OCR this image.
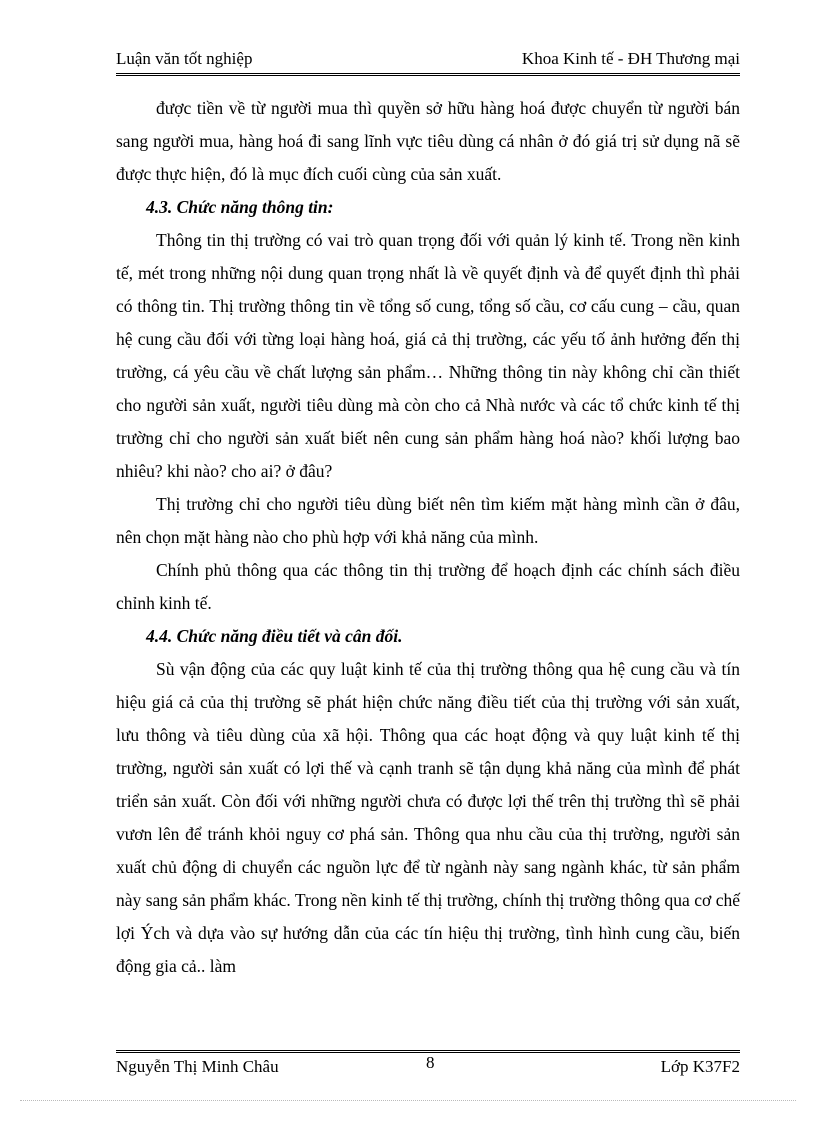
Luận văn tốt nghiệp	Khoa Kinh tế - ĐH Thương mại

được tiền về từ người mua thì quyền sở hữu hàng hoá được chuyển từ người bán sang người mua, hàng hoá đi sang lĩnh vực tiêu dùng cá nhân ở đó giá trị sử dụng nã sẽ được thực hiện, đó là mục đích cuối cùng của sản xuất.

4.3. Chức năng thông tin:

Thông tin thị trường có vai trò quan trọng đối với quản lý kinh tế. Trong nền kinh tế, mét trong những nội dung quan trọng nhất là về quyết định và để quyết định thì phải có thông tin. Thị trường thông tin về tổng số cung, tổng số cầu, cơ cấu cung – cầu, quan hệ cung cầu đối với từng loại hàng hoá, giá cả thị trường, các yếu tố ảnh hưởng đến thị trường, cá yêu cầu về chất lượng sản phẩm… Những thông tin này không chỉ cần thiết cho người sản xuất, người tiêu dùng mà còn cho cả Nhà nước và các tổ chức kinh tế thị trường chỉ cho người sản xuất biết nên cung sản phẩm hàng hoá nào? khối lượng bao nhiêu? khi nào? cho ai? ở đâu?

Thị trường chỉ cho người tiêu dùng biết nên tìm kiếm mặt hàng mình cần ở đâu, nên chọn mặt hàng nào cho phù hợp với khả năng của mình.

Chính phủ thông qua các thông tin thị trường để hoạch định các chính sách điều chỉnh kinh tế.

4.4. Chức năng điều tiết và cân đối.

Sù vận động của các quy luật kinh tế của thị trường thông qua hệ cung cầu và tín hiệu giá cả của thị trường sẽ phát hiện chức năng điều tiết của thị trường với sản xuất, lưu thông và tiêu dùng của xã hội. Thông qua các hoạt động và quy luật kinh tế thị trường, người sản xuất có lợi thế và cạnh tranh sẽ tận dụng khả năng của mình để phát triển sản xuất. Còn đối với những người chưa có được lợi thế trên thị trường thì sẽ phải vươn lên để tránh khỏi nguy cơ phá sản. Thông qua nhu cầu của thị trường, người sản xuất chủ động di chuyển các nguồn lực để từ ngành này sang ngành khác, từ sản phẩm này sang sản phẩm khác. Trong nền kinh tế thị trường, chính thị trường thông qua cơ chế lợi Ých và dựa vào sự hướng dẫn của các tín hiệu thị trường, tình hình cung cầu, biến động gia cả.. làm

Nguyễn Thị Minh Châu	8	Lớp K37F2
